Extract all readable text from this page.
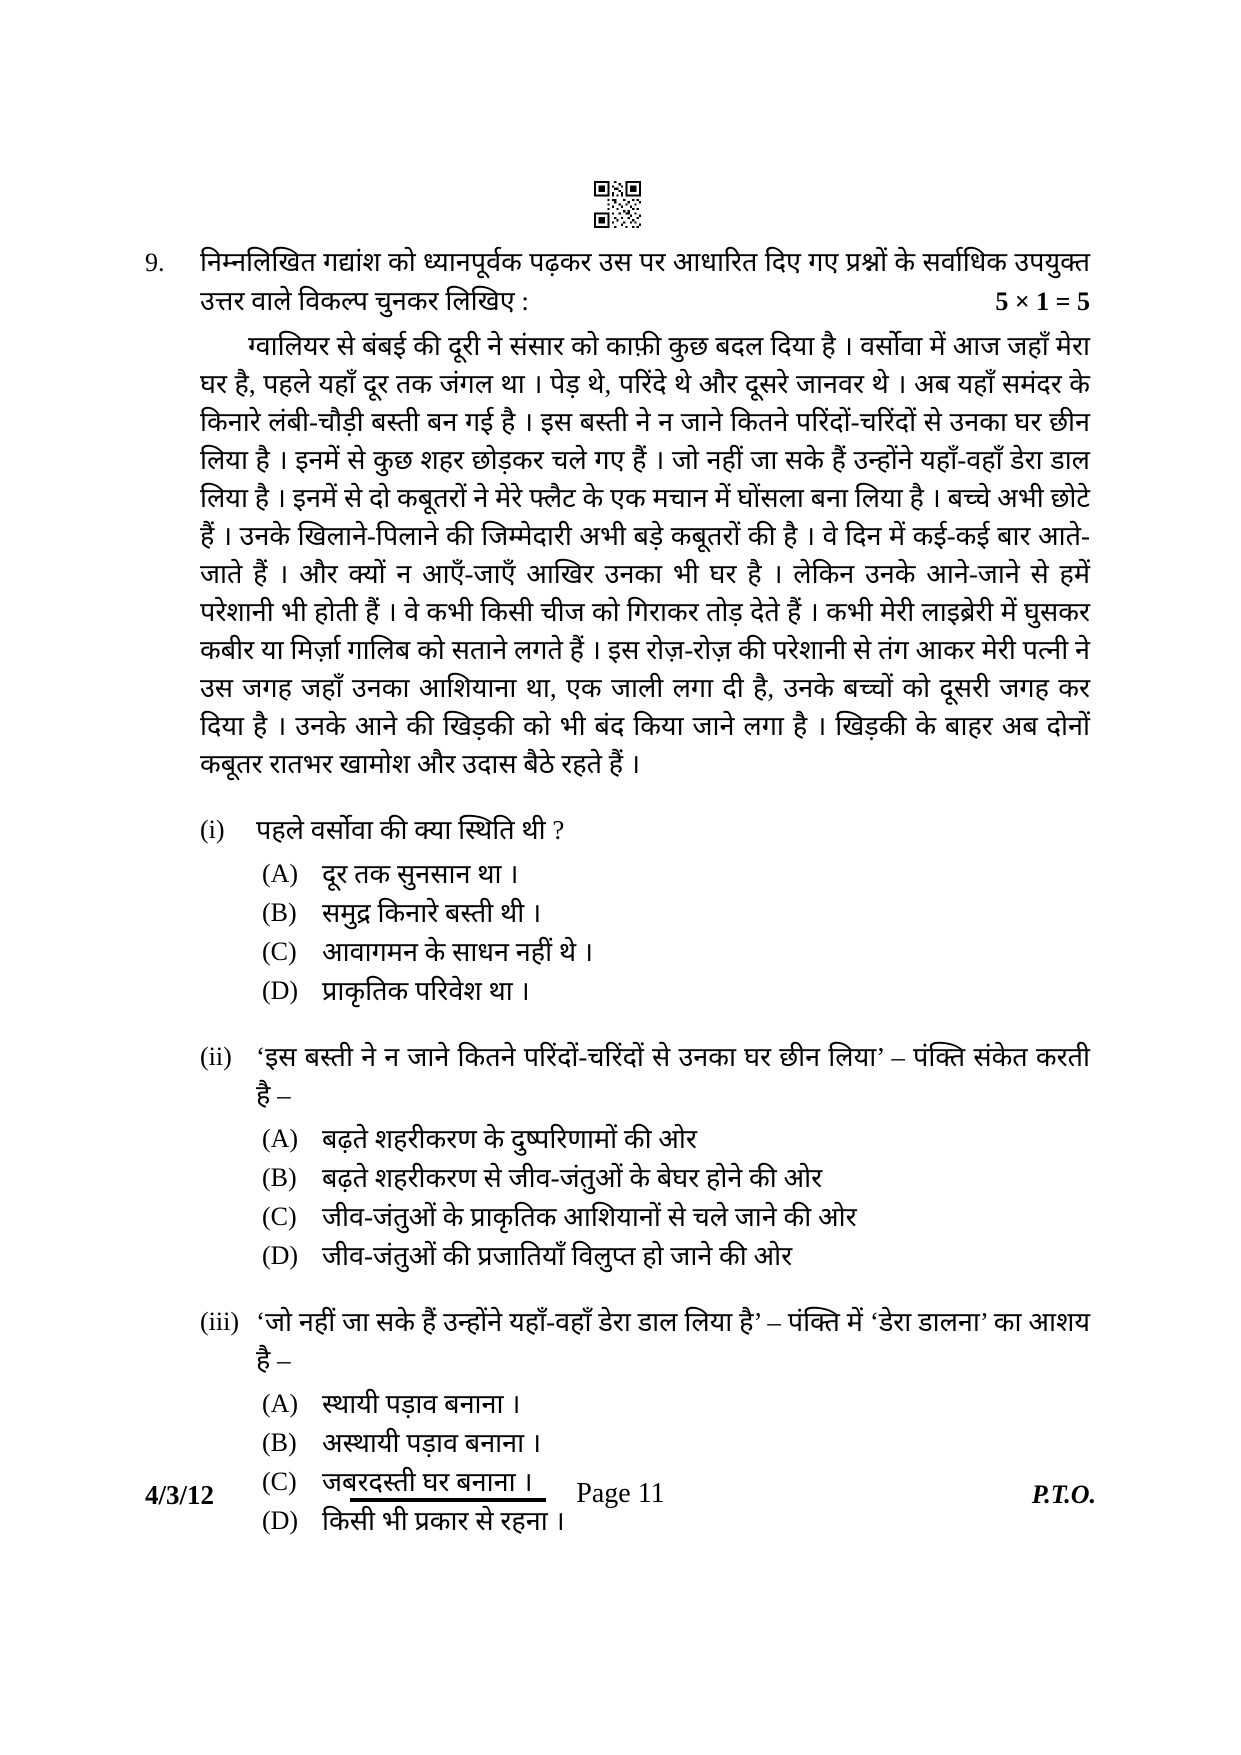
9.	निम्नलिखित गद्यांश को ध्यानपूर्वक पढ़कर उस पर आधारित दिए गए प्रश्नों के सर्वाधिक उपयुक्त उत्तर वाले विकल्प चुनकर लिखिए :	5 × 1 = 5
ग्वालियर से बंबई की दूरी ने संसार को काफ़ी कुछ बदल दिया है । वर्सोवा में आज जहाँ मेरा घर है, पहले यहाँ दूर तक जंगल था । पेड़ थे, परिंदे थे और दूसरे जानवर थे । अब यहाँ समंदर के किनारे लंबी-चौड़ी बस्ती बन गई है । इस बस्ती ने न जाने कितने परिंदों-चरिंदों से उनका घर छीन लिया है । इनमें से कुछ शहर छोड़कर चले गए हैं । जो नहीं जा सके हैं उन्होंने यहाँ-वहाँ डेरा डाल लिया है । इनमें से दो कबूतरों ने मेरे फ्लैट के एक मचान में घोंसला बना लिया है । बच्चे अभी छोटे हैं । उनके खिलाने-पिलाने की जिम्मेदारी अभी बड़े कबूतरों की है । वे दिन में कई-कई बार आते-जाते हैं । और क्यों न आएँ-जाएँ आखिर उनका भी घर है । लेकिन उनके आने-जाने से हमें परेशानी भी होती हैं । वे कभी किसी चीज को गिराकर तोड़ देते हैं । कभी मेरी लाइब्रेरी में घुसकर कबीर या मिर्ज़ा गालिब को सताने लगते हैं । इस रोज़-रोज़ की परेशानी से तंग आकर मेरी पत्नी ने उस जगह जहाँ उनका आशियाना था, एक जाली लगा दी है, उनके बच्चों को दूसरी जगह कर दिया है । उनके आने की खिड़की को भी बंद किया जाने लगा है । खिड़की के बाहर अब दोनों कबूतर रातभर खामोश और उदास बैठे रहते हैं ।
(i)	पहले वर्सोवा की क्या स्थिति थी ?
(A) दूर तक सुनसान था ।
(B) समुद्र किनारे बस्ती थी ।
(C) आवागमन के साधन नहीं थे ।
(D) प्राकृतिक परिवेश था ।
(ii) ‘इस बस्ती ने न जाने कितने परिंदों-चरिंदों से उनका घर छीन लिया’ – पंक्ति संकेत करती है –
(A) बढ़ते शहरीकरण के दुष्परिणामों की ओर
(B) बढ़ते शहरीकरण से जीव-जंतुओं के बेघर होने की ओर
(C) जीव-जंतुओं के प्राकृतिक आशियानों से चले जाने की ओर
(D) जीव-जंतुओं की प्रजातियाँ विलुप्त हो जाने की ओर
(iii) ‘जो नहीं जा सके हैं उन्होंने यहाँ-वहाँ डेरा डाल लिया है’ – पंक्ति में ‘डेरा डालना’ का आशय है –
(A) स्थायी पड़ाव बनाना ।
(B) अस्थायी पड़ाव बनाना ।
(C) जबरदस्ती घर बनाना ।
(D) किसी भी प्रकार से रहना ।
4/3/12	Page 11	P.T.O.
